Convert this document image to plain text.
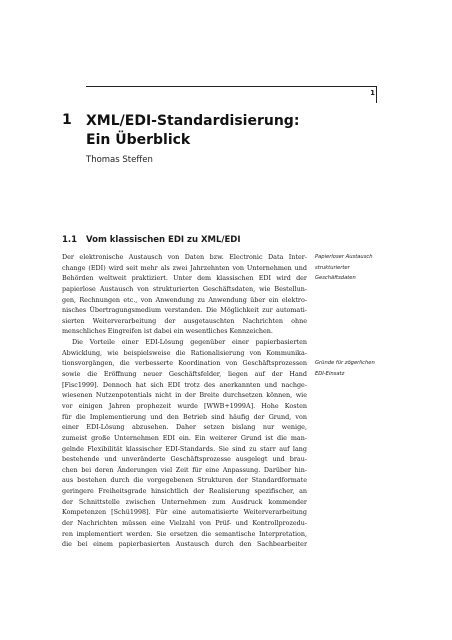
1
1 XML/EDI-Standardisierung:
Ein Überblick
Thomas Steffen
1.1 Vom klassischen EDI zu XML/EDI
Papierloser Austausch
strukturierter
Geschäftsdaten
Gründe für zögerlichen
EDI-Einsatz
Der elektronische Austausch von Daten bzw. Electronic Data Inter-
change (EDI) wird seit mehr als zwei Jahrzehnten von Unternehmen und
Behörden weltweit praktiziert. Unter dem klassischen EDI wird der
papierlose Austausch von strukturierten Geschäftsdaten, wie Bestellun-
gen, Rechnungen etc., von Anwendung zu Anwendung über ein elektro-
nisches Übertragungsmedium verstanden. Die Möglichkeit zur automati-
sierten Weiterverarbeitung der ausgetauschten Nachrichten ohne
menschliches Eingreifen ist dabei ein wesentliches Kennzeichen.
Die Vorteile einer EDI-Lösung gegenüber einer papierbasierten
Abwicklung, wie beispielsweise die Rationalisierung von Kommunika-
tionsvorgängen, die verbesserte Koordination von Geschäftsprozessen
sowie die Eröffnung neuer Geschäftsfelder, liegen auf der Hand
[Fisc1999]. Dennoch hat sich EDI trotz des anerkannten und nachge-
wiesenen Nutzenpotentials nicht in der Breite durchsetzen können, wie
vor einigen Jahren prophezeit wurde [WWB+1999A]. Hohe Kosten
für die Implementierung und den Betrieb sind häufig der Grund, von
einer EDI-Lösung abzusehen. Daher setzen bislang nur wenige,
zumeist große Unternehmen EDI ein. Ein weiterer Grund ist die man-
gelnde Flexibilität klassischer EDI-Standards. Sie sind zu starr auf lang
bestehende und unveränderte Geschäftsprozesse ausgelegt und brau-
chen bei deren Änderungen viel Zeit für eine Anpassung. Darüber hin-
aus bestehen durch die vorgegebenen Strukturen der Standardformate
geringere Freiheitsgrade hinsichtlich der Realisierung spezifischer, an
der Schnittstelle zwischen Unternehmen zum Ausdruck kommender
Kompetenzen [Schü1998]. Für eine automatisierte Weiterverarbeitung
der Nachrichten müssen eine Vielzahl von Prüf- und Kontrollprozedu-
ren implementiert werden. Sie ersetzen die semantische Interpretation,
die bei einem papierbasierten Austausch durch den Sachbearbeiter
